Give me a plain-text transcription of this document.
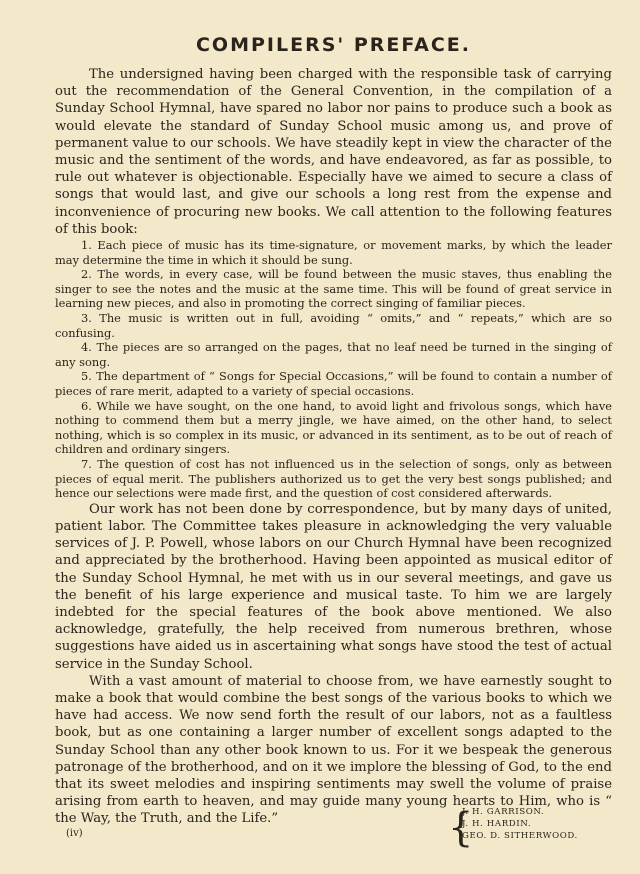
COMPILERS' PREFACE.

The undersigned having been charged with the responsible task of carrying out the recommendation of the General Convention, in the compilation of a Sunday School Hymnal, have spared no labor nor pains to produce such a book as would elevate the standard of Sunday School music among us, and prove of permanent value to our schools. We have steadily kept in view the character of the music and the sentiment of the words, and have endeavored, as far as possible, to rule out whatever is objectionable. Especially have we aimed to secure a class of songs that would last, and give our schools a long rest from the expense and inconvenience of procuring new books. We call attention to the following features of this book:

1. Each piece of music has its time-signature, or movement marks, by which the leader may determine the time in which it should be sung.

2. The words, in every case, will be found between the music staves, thus enabling the singer to see the notes and the music at the same time. This will be found of great service in learning new pieces, and also in promoting the correct singing of familiar pieces.

3. The music is written out in full, avoiding “ omits,” and “ repeats,” which are so confusing.

4. The pieces are so arranged on the pages, that no leaf need be turned in the singing of any song.

5. The department of “ Songs for Special Occasions,” will be found to contain a number of pieces of rare merit, adapted to a variety of special occasions.

6. While we have sought, on the one hand, to avoid light and frivolous songs, which have nothing to commend them but a merry jingle, we have aimed, on the other hand, to select nothing, which is so complex in its music, or advanced in its sentiment, as to be out of reach of children and ordinary singers.

7. The question of cost has not influenced us in the selection of songs, only as between pieces of equal merit. The publishers authorized us to get the very best songs published; and hence our selections were made first, and the question of cost considered afterwards.

Our work has not been done by correspondence, but by many days of united, patient labor. The Committee takes pleasure in acknowledging the very valuable services of J. P. Powell, whose labors on our Church Hymnal have been recognized and appreciated by the brotherhood. Having been appointed as musical editor of the Sunday School Hymnal, he met with us in our several meetings, and gave us the benefit of his large experience and musical taste. To him we are largely indebted for the special features of the book above mentioned. We also acknowledge, gratefully, the help received from numerous brethren, whose suggestions have aided us in ascertaining what songs have stood the test of actual service in the Sunday School.

With a vast amount of material to choose from, we have earnestly sought to make a book that would combine the best songs of the various books to which we have had access. We now send forth the result of our labors, not as a faultless book, but as one containing a larger number of excellent songs adapted to the Sunday School than any other book known to us. For it we bespeak the generous patronage of the brotherhood, and on it we implore the blessing of God, to the end that its sweet melodies and inspiring sentiments may swell the volume of praise arising from earth to heaven, and may guide many young hearts to Him, who is “ the Way, the Truth, and the Life.”

(iv)	{
J. H. GARRISON.
J. H. HARDIN.
GEO. D. SITHERWOOD.
